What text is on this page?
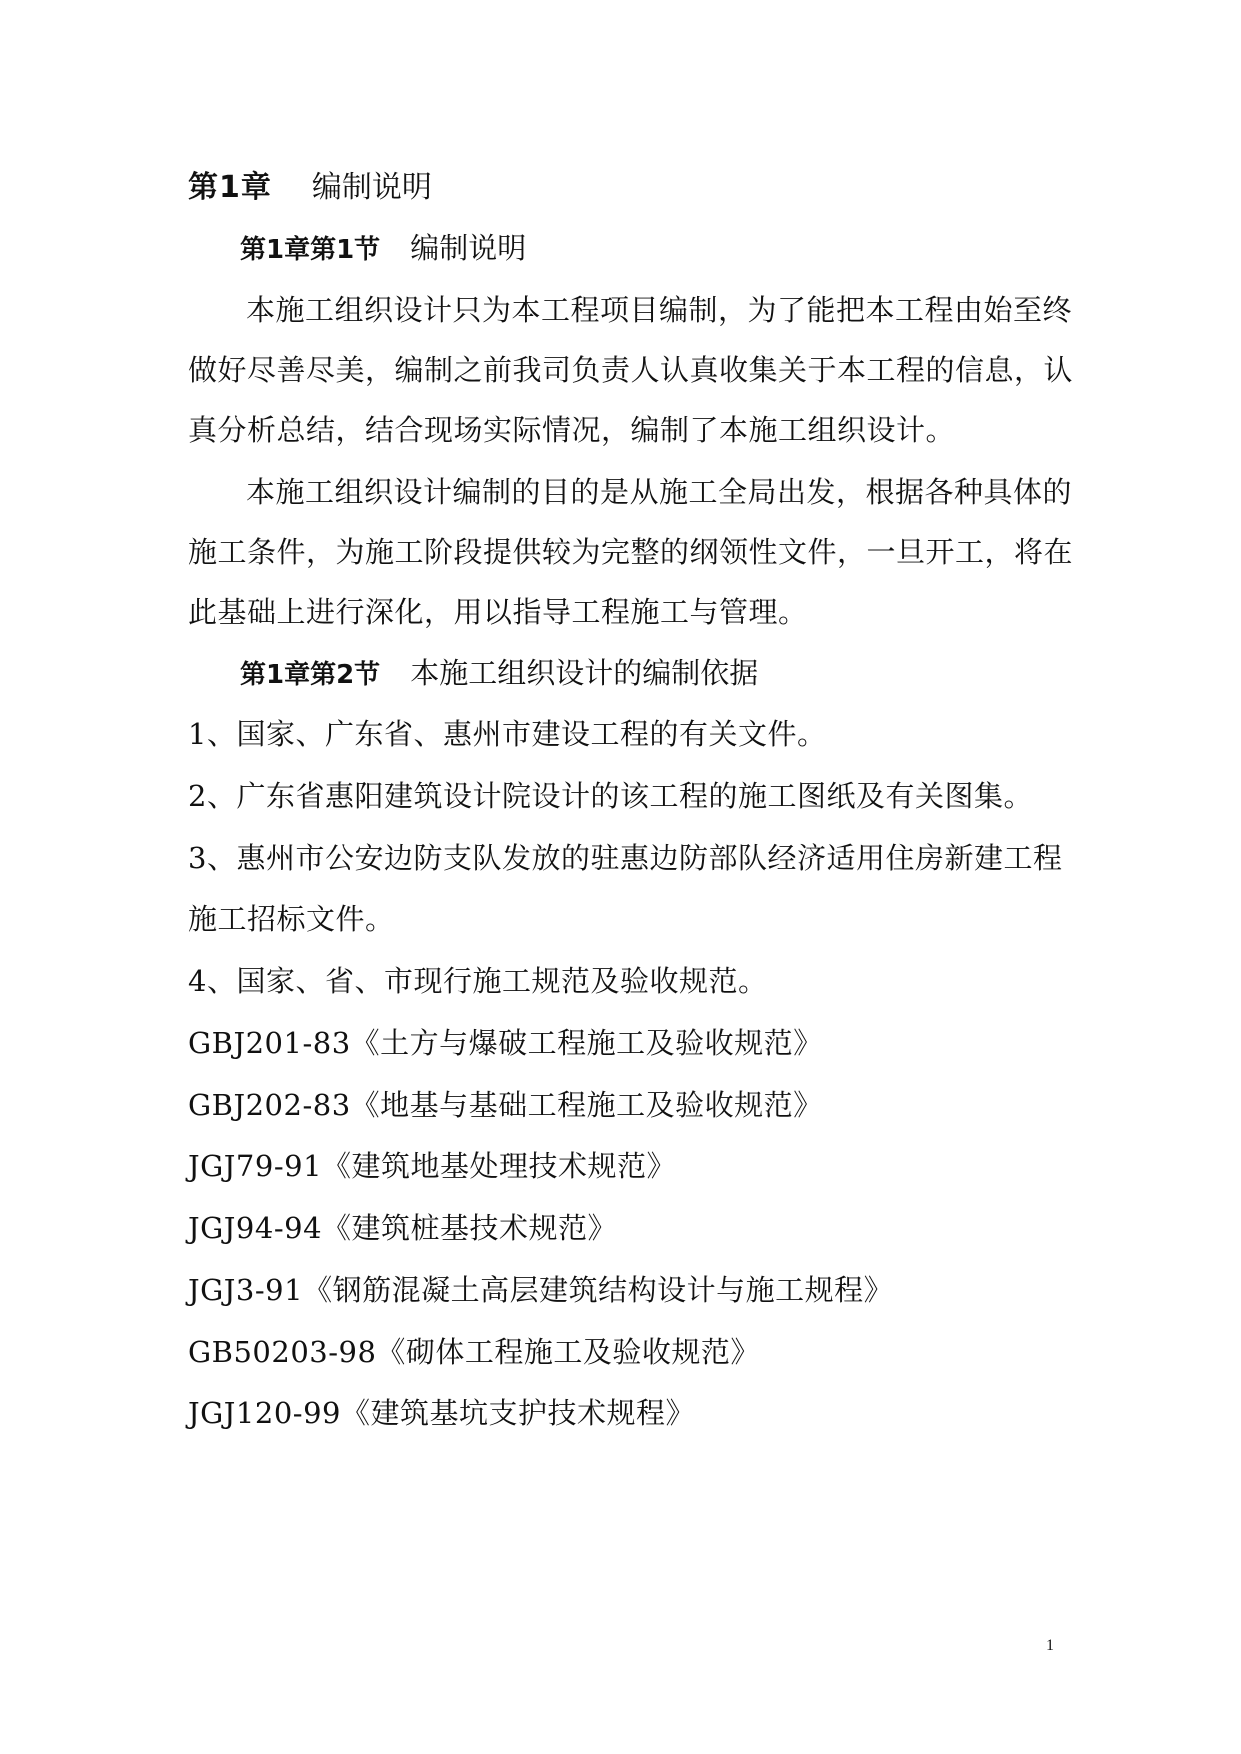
第1章 编制说明
第1章第1节 编制说明
本施工组织设计只为本工程项目编制，为了能把本工程由始至终
做好尽善尽美，编制之前我司负责人认真收集关于本工程的信息，认
真分析总结，结合现场实际情况，编制了本施工组织设计。
本施工组织设计编制的目的是从施工全局出发，根据各种具体的
施工条件，为施工阶段提供较为完整的纲领性文件，一旦开工，将在
此基础上进行深化，用以指导工程施工与管理。
第1章第2节 本施工组织设计的编制依据
1、国家、广东省、惠州市建设工程的有关文件。
2、广东省惠阳建筑设计院设计的该工程的施工图纸及有关图集。
3、惠州市公安边防支队发放的驻惠边防部队经济适用住房新建工程
施工招标文件。
4、国家、省、市现行施工规范及验收规范。
GBJ201-83《土方与爆破工程施工及验收规范》
GBJ202-83《地基与基础工程施工及验收规范》
JGJ79-91《建筑地基处理技术规范》
JGJ94-94《建筑桩基技术规范》
JGJ3-91《钢筋混凝土高层建筑结构设计与施工规程》
GB50203-98《砌体工程施工及验收规范》
JGJ120-99《建筑基坑支护技术规程》
1
